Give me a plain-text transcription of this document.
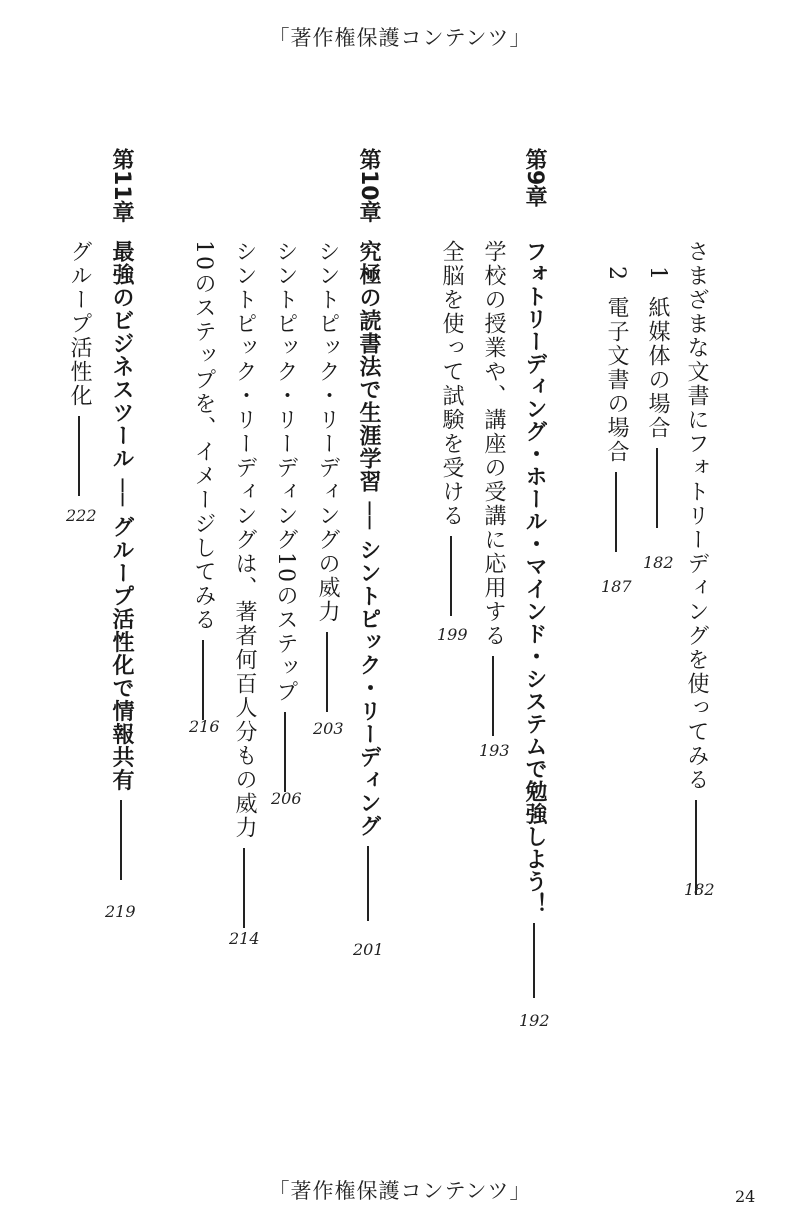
「著作権保護コンテンツ」
さまざまな文書にフォトリーディングを使ってみる
182
1紙媒体の場合
182
2電子文書の場合
187
第9章
フォトリーディング・ホール・マインド・システムで勉強しよう！
192
学校の授業や、講座の受講に応用する
193
全脳を使って試験を受ける
199
第10章
究極の読書法で生涯学習 ── シントピック・リーディング
201
シントピック・リーディングの威力
203
シントピック・リーディング10のステップ
206
シントピック・リーディングは、著者何百人分もの威力
214
10のステップを、イメージしてみる
216
第11章
最強のビジネスツール ── グループ活性化で情報共有
219
グループ活性化
222
「著作権保護コンテンツ」	24
